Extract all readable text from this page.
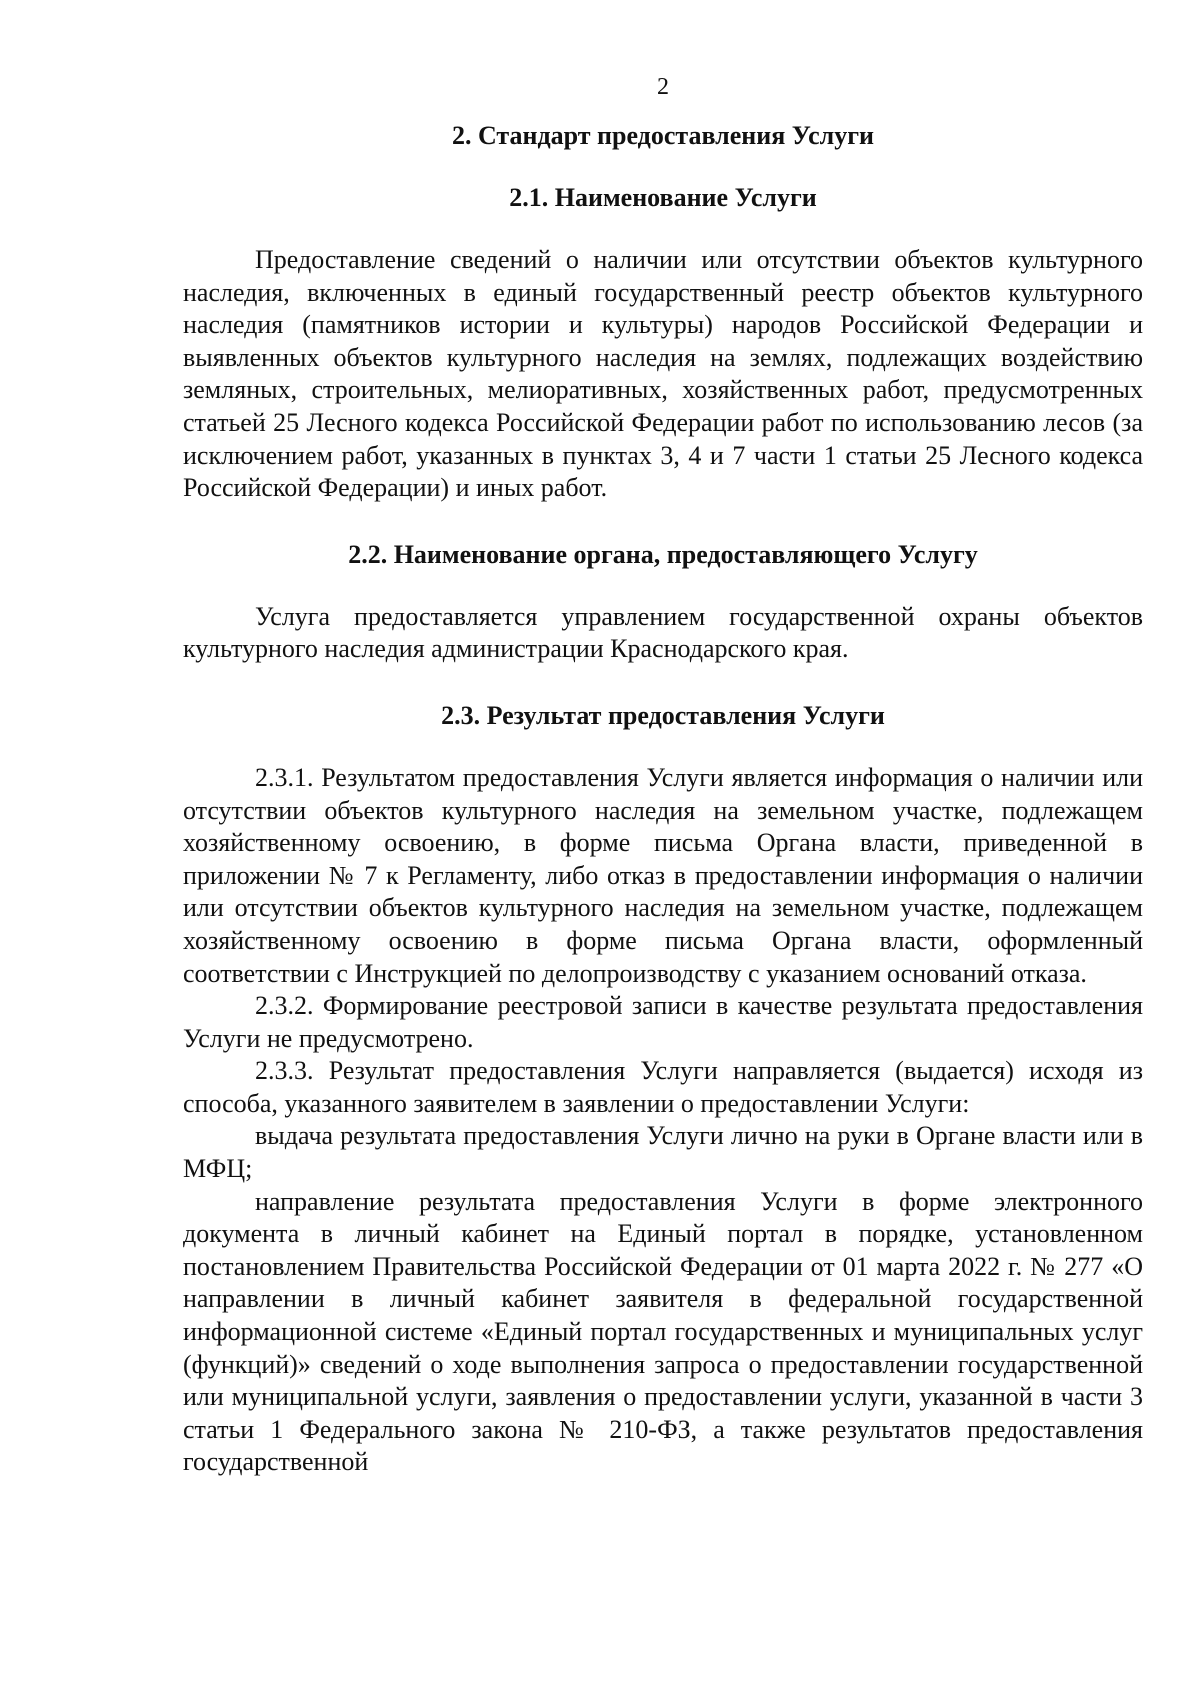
2
2. Стандарт предоставления Услуги
2.1. Наименование Услуги

Предоставление сведений о наличии или отсутствии объектов культурного наследия, включенных в единый государственный реестр объектов культурного наследия (памятников истории и культуры) народов Российской Федерации и выявленных объектов культурного наследия на землях, подлежащих воздействию земляных, строительных, мелиоративных, хозяйственных работ, предусмотренных статьей 25 Лесного кодекса Российской Федерации работ по использованию лесов (за исключением работ, указанных в пунктах 3, 4 и 7 части 1 статьи 25 Лесного кодекса Российской Федерации) и иных работ.

2.2. Наименование органа, предоставляющего Услугу

Услуга предоставляется управлением государственной охраны объектов культурного наследия администрации Краснодарского края.

2.3. Результат предоставления Услуги

2.3.1. Результатом предоставления Услуги является информация о наличии или отсутствии объектов культурного наследия на земельном участке, подлежащем хозяйственному освоению, в форме письма Органа власти, приведенной в приложении № 7 к Регламенту, либо отказ в предоставлении информация о наличии или отсутствии объектов культурного наследия на земельном участке, подлежащем хозяйственному освоению в форме письма Органа власти, оформленный соответствии с Инструкцией по делопроизводству с указанием оснований отказа.

2.3.2. Формирование реестровой записи в качестве результата предоставления Услуги не предусмотрено.

2.3.3. Результат предоставления Услуги направляется (выдается) исходя из способа, указанного заявителем в заявлении о предоставлении Услуги:

выдача результата предоставления Услуги лично на руки в Органе власти или в МФЦ;

направление результата предоставления Услуги в форме электронного документа в личный кабинет на Единый портал в порядке, установленном постановлением Правительства Российской Федерации от 01 марта 2022 г. № 277 «О направлении в личный кабинет заявителя в федеральной государственной информационной системе «Единый портал государственных и муниципальных услуг (функций)» сведений о ходе выполнения запроса о предоставлении государственной или муниципальной услуги, заявления о предоставлении услуги, указанной в части 3 статьи 1 Федерального закона № 210-ФЗ, а также результатов предоставления государственной
